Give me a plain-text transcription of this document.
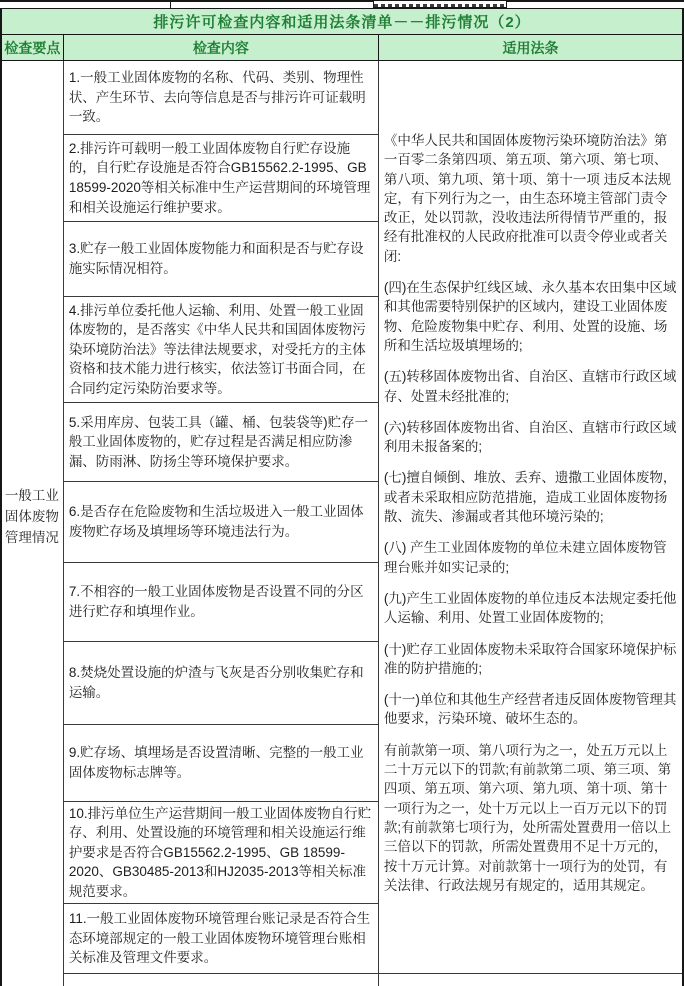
排污许可检查内容和适用法条清单－－排污情况（2）
检查要点	检查内容	适用法条
一般工业固体废物管理情况
1.一般工业固体废物的名称、代码、类别、物理性状、产生环节、去向等信息是否与排污许可证载明一致。
2.排污许可载明一般工业固体废物自行贮存设施的，自行贮存设施是否符合GB15562.2-1995、GB 18599-2020等相关标准中生产运营期间的环境管理和相关设施运行维护要求。
3.贮存一般工业固体废物能力和面积是否与贮存设施实际情况相符。
4.排污单位委托他人运输、利用、处置一般工业固体废物的，是否落实《中华人民共和国固体废物污染环境防治法》等法律法规要求，对受托方的主体资格和技术能力进行核实，依法签订书面合同，在合同约定污染防治要求等。
5.采用库房、包装工具（罐、桶、包装袋等)贮存一般工业固体废物的，贮存过程是否满足相应防渗漏、防雨淋、防扬尘等环境保护要求。
6.是否存在危险废物和生活垃圾进入一般工业固体废物贮存场及填埋场等环境违法行为。
7.不相容的一般工业固体废物是否设置不同的分区进行贮存和填埋作业。
8.焚烧处置设施的炉渣与飞灰是否分别收集贮存和运输。
9.贮存场、填埋场是否设置清晰、完整的一般工业固体废物标志牌等。
10.排污单位生产运营期间一般工业固体废物自行贮存、利用、处置设施的环境管理和相关设施运行维护要求是否符合GB15562.2-1995、GB 18599-2020、GB30485-2013和HJ2035-2013等相关标准规范要求。
11.一般工业固体废物环境管理台账记录是否符合生态环境部规定的一般工业固体废物环境管理台账相关标准及管理文件要求。

《中华人民共和国固体废物污染环境防治法》第一百零二条第四项、第五项、第六项、第七项、第八项、第九项、第十项、第十一项 违反本法规定，有下列行为之一，由生态环境主管部门责令改正，处以罚款，没收违法所得情节严重的，报经有批准权的人民政府批准可以责令停业或者关闭:

(四)在生态保护红线区域、永久基本农田集中区域和其他需要特别保护的区域内，建设工业固体废物、危险废物集中贮存、利用、处置的设施、场所和生活垃圾填埋场的;

(五)转移固体废物出省、自治区、直辖市行政区域存、处置未经批准的;

(六)转移固体废物出省、自治区、直辖市行政区域利用未报备案的;

(七)擅自倾倒、堆放、丢弃、遗撒工业固体废物，或者未采取相应防范措施，造成工业固体废物扬散、流失、渗漏或者其他环境污染的;

(八) 产生工业固体废物的单位未建立固体废物管理台账并如实记录的;

(九)产生工业固体废物的单位违反本法规定委托他人运输、利用、处置工业固体废物的;

(十)贮存工业固体废物未采取符合国家环境保护标准的防护措施的;

(十一)单位和其他生产经营者违反固体废物管理其他要求，污染环境、破坏生态的。

有前款第一项、第八项行为之一，处五万元以上二十万元以下的罚款;有前款第二项、第三项、第四项、第五项、第六项、第九项、第十项、第十一项行为之一，处十万元以上一百万元以下的罚款;有前款第七项行为，处所需处置费用一倍以上三倍以下的罚款，所需处置费用不足十万元的，按十万元计算。对前款第十一项行为的处罚，有关法律、行政法规另有规定的，适用其规定。
